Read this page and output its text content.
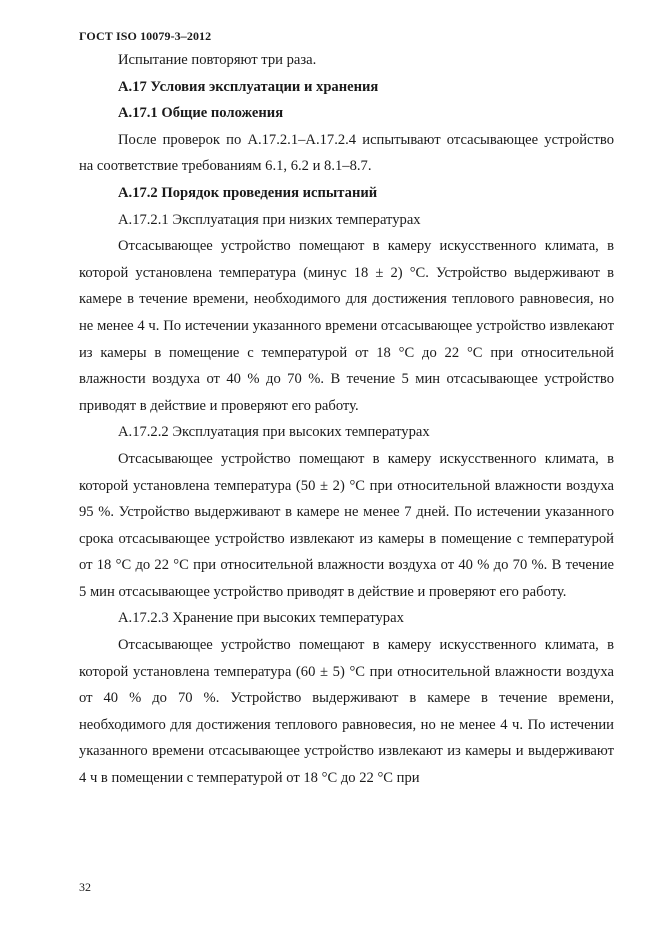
ГОСТ ISO 10079-3–2012

Испытание повторяют три раза.

А.17 Условия эксплуатации и хранения

А.17.1 Общие положения

После проверок по А.17.2.1–А.17.2.4 испытывают отсасывающее устройство на соответствие требованиям 6.1, 6.2 и 8.1–8.7.

А.17.2 Порядок проведения испытаний

А.17.2.1 Эксплуатация при низких температурах

Отсасывающее устройство помещают в камеру искусственного климата, в которой установлена температура (минус 18 ± 2) °С. Устройство выдерживают в камере в течение времени, необходимого для достижения теплового равновесия, но не менее 4 ч. По истечении указанного времени отсасывающее устройство извлекают из камеры в помещение с температурой от 18 °С до 22 °С при относительной влажности воздуха от 40 % до 70 %. В течение 5 мин отсасывающее устройство приводят в действие и проверяют его работу.

А.17.2.2 Эксплуатация при высоких температурах

Отсасывающее устройство помещают в камеру искусственного климата, в которой установлена температура (50 ± 2) °С при относительной влажности воздуха 95 %. Устройство выдерживают в камере не менее 7 дней. По истечении указанного срока отсасывающее устройство извлекают из камеры в помещение с температурой от 18 °С до 22 °С при относительной влажности воздуха от 40 % до 70 %. В течение 5 мин отсасывающее устройство приводят в действие и проверяют его работу.

А.17.2.3 Хранение при высоких температурах

Отсасывающее устройство помещают в камеру искусственного климата, в которой установлена температура (60 ± 5) °С при относительной влажности воздуха от 40 % до 70 %. Устройство выдерживают в камере в течение времени, необходимого для достижения теплового равновесия, но не менее 4 ч. По истечении указанного времени отсасывающее устройство извлекают из камеры и выдерживают 4 ч в помещении с температурой от 18 °С до 22 °С при

32
